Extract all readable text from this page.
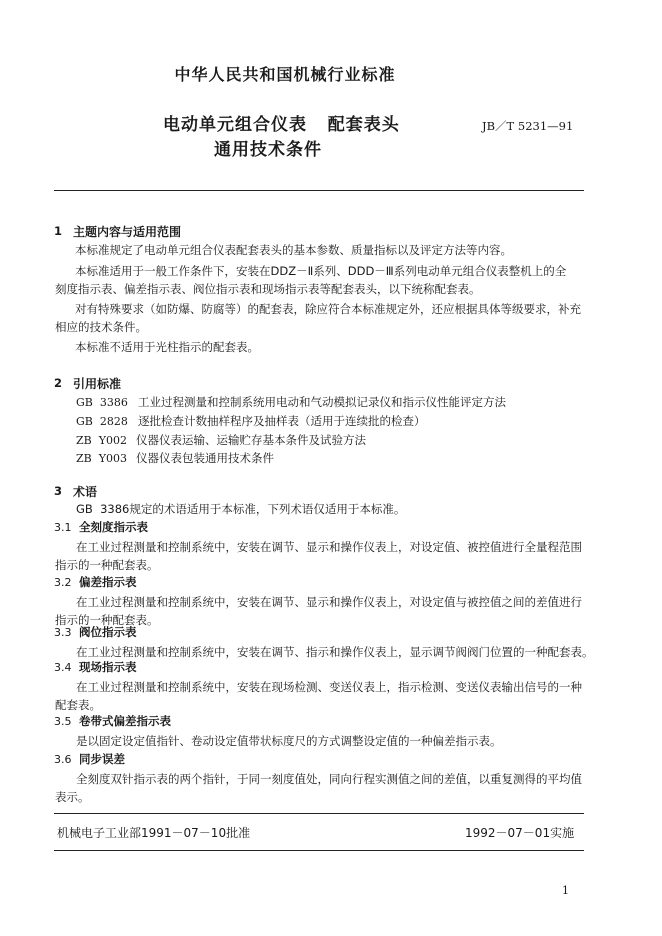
中华人民共和国机械行业标准
电动单元组合仪表   配套表头
通用技术条件
JB／T 5231—91
1 主题内容与适用范围
本标准规定了电动单元组合仪表配套表头的基本参数、质量指标以及评定方法等内容。
本标准适用于一般工作条件下，安装在DDZ－Ⅱ系列、DDD－Ⅲ系列电动单元组合仪表整机上的全
刻度指示表、偏差指示表、阀位指示表和现场指示表等配套表头，以下统称配套表。
对有特殊要求（如防爆、防腐等）的配套表，除应符合本标准规定外，还应根据具体等级要求，补充
相应的技术条件。
本标准不适用于光柱指示的配套表。
2 引用标准
GB  3386 工业过程测量和控制系统用电动和气动模拟记录仪和指示仪性能评定方法
GB  2828 逐批检查计数抽样程序及抽样表（适用于连续批的检查）
ZB  Y002 仪器仪表运输、运输贮存基本条件及试验方法
ZB  Y003 仪器仪表包装通用技术条件
3 术语
GB  3386规定的术语适用于本标准，下列术语仅适用于本标准。
3.1 全刻度指示表
在工业过程测量和控制系统中，安装在调节、显示和操作仪表上，对设定值、被控值进行全量程范围
指示的一种配套表。
3.2 偏差指示表
在工业过程测量和控制系统中，安装在调节、显示和操作仪表上，对设定值与被控值之间的差值进行
指示的一种配套表。
3.3 阀位指示表
在工业过程测量和控制系统中，安装在调节、指示和操作仪表上，显示调节阀阀门位置的一种配套表。
3.4 现场指示表
在工业过程测量和控制系统中，安装在现场检测、变送仪表上，指示检测、变送仪表输出信号的一种
配套表。
3.5 卷带式偏差指示表
是以固定设定值指针、卷动设定值带状标度尺的方式调整设定值的一种偏差指示表。
3.6 同步误差
全刻度双针指示表的两个指针，于同一刻度值处，同向行程实测值之间的差值，以重复测得的平均值
表示。
机械电子工业部1991－07－10批准	1992－07－01实施
1
